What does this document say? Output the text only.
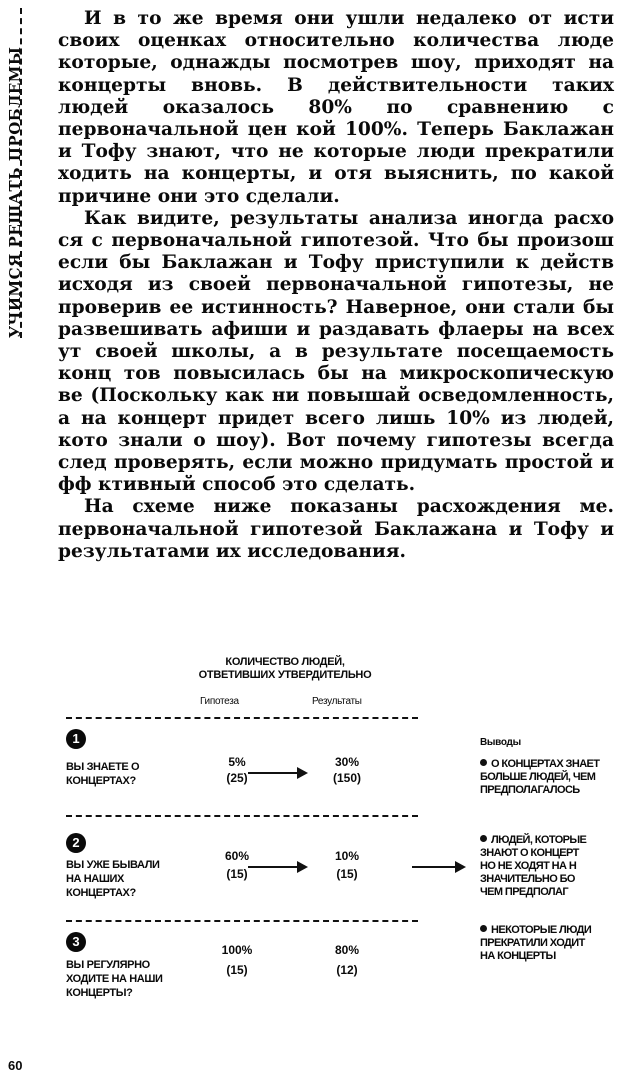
УЧИМСЯ РЕШАТЬ ПРОБЛЕМЫ

И в то же время они ушли недалеко от исти своих оценках относительно количества люде которые, однажды посмотрев шоу, приходят на концерты вновь. В действительности таких людей оказалось 80% по сравнению с первоначальной цен кой 100%. Теперь Баклажан и Тофу знают, что не которые люди прекратили ходить на концерты, и отя выяснить, по какой причине они это сделали.

Как видите, результаты анализа иногда расхо ся с первоначальной гипотезой. Что бы произош если бы Баклажан и Тофу приступили к действ исходя из своей первоначальной гипотезы, не проверив ее истинность? Наверное, они стали бы развешивать афиши и раздавать флаеры на всех ут своей школы, а в результате посещаемость конц тов повысилась бы на микроскопическую ве (Поскольку как ни повышай осведомленность, а на концерт придет всего лишь 10% из людей, кото знали о шоу). Вот почему гипотезы всегда след проверять, если можно придумать простой и фф ктивный способ это сделать.

На схеме ниже показаны расхождения ме. первоначальной гипотезой Баклажана и Тофу и результатами их исследования.

КОЛИЧЕСТВО ЛЮДЕЙ, ОТВЕТИВШИХ УТВЕРДИТЕЛЬНО
Гипотеза	Результаты
1
ВЫ ЗНАЕТЕ О КОНЦЕРТАХ?
5%
(25)
30%
(150)
2
ВЫ УЖЕ БЫВАЛИ НА НАШИХ КОНЦЕРТАХ?
60%
(15)
10%
(15)
3
ВЫ РЕГУЛЯРНО ХОДИТЕ НА НАШИ КОНЦЕРТЫ?
100%
(15)
80%
(12)
Выводы
О КОНЦЕРТАХ ЗНАЕТ БОЛЬШЕ ЛЮДЕЙ, ЧЕМ ПРЕДПОЛАГАЛОСЬ
ЛЮДЕЙ, КОТОРЫЕ ЗНАЮТ О КОНЦЕРТ НО НЕ ХОДЯТ НА Н ЗНАЧИТЕЛЬНО БО ЧЕМ ПРЕДПОЛАГ
НЕКОТОРЫЕ ЛЮДИ ПРЕКРАТИЛИ ХОДИТ НА КОНЦЕРТЫ
60
